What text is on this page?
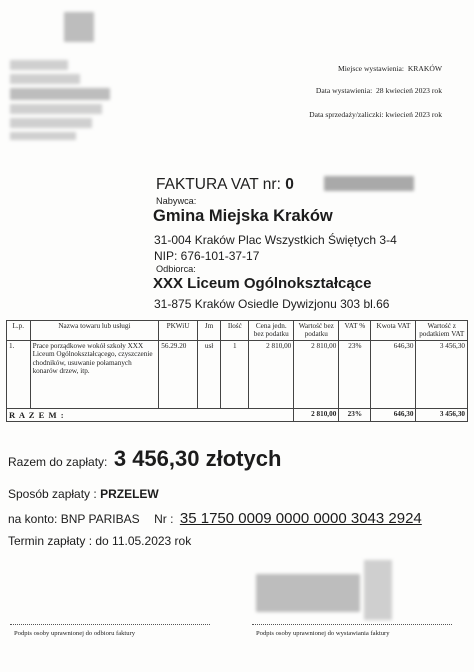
Miejsce wystawienia: KRAKÓW
Data wystawienia: 28 kwiecień 2023 rok
Data sprzedaży/zaliczki: kwiecień 2023 rok
FAKTURA VAT nr: 0
Nabywca:
Gmina Miejska Kraków
31-004 Kraków Plac Wszystkich Świętych 3-4
NIP: 676-101-37-17
Odbiorca:
XXX Liceum Ogólnokształcące
31-875 Kraków Osiedle Dywizjonu 303 bl.66
L.p.	Nazwa towaru lub usługi	PKWiU	Jm	Ilość	Cena jedn. bez podatku	Wartość bez podatku	VAT %	Kwota VAT	Wartość z podatkiem VAT
1.	Prace porządkowe wokół szkoły XXX Liceum Ogólnokształcącego, czyszczenie chodników, usuwanie połamanych konarów drzew, itp.	56.29.20	usł	1	2 810,00	2 810,00	23%	646,30	3 456,30
R A Z E M :						2 810,00	23%	646,30	3 456,30
Razem do zapłaty: 3 456,30 złotych
Sposób zapłaty : PRZELEW
na konto: BNP PARIBAS Nr : 35 1750 0009 0000 0000 3043 2924
Termin zapłaty : do 11.05.2023 rok
Podpis osoby uprawnionej do odbioru faktury	Podpis osoby uprawnionej do wystawiania faktury
